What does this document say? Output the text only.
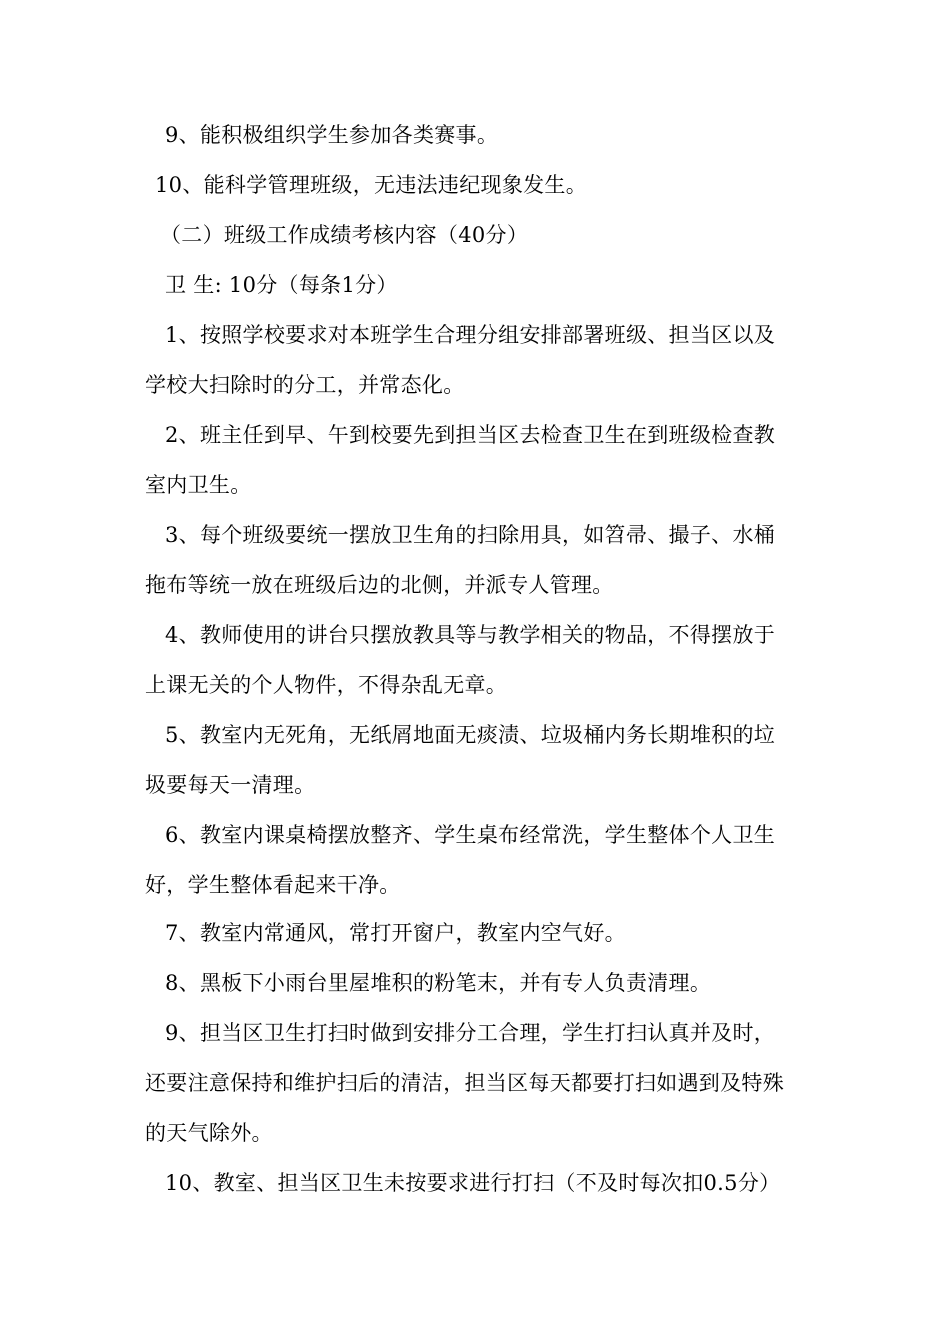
9、能积极组织学生参加各类赛事。
10、能科学管理班级，无违法违纪现象发生。
（二）班级工作成绩考核内容（40分）
卫 生: 10分（每条1分）
1、按照学校要求对本班学生合理分组安排部署班级、担当区以及
学校大扫除时的分工，并常态化。
2、班主任到早、午到校要先到担当区去检查卫生在到班级检查教
室内卫生。
3、每个班级要统一摆放卫生角的扫除用具，如笤帚、撮子、水桶
拖布等统一放在班级后边的北侧，并派专人管理。
4、教师使用的讲台只摆放教具等与教学相关的物品，不得摆放于
上课无关的个人物件，不得杂乱无章。
5、教室内无死角，无纸屑地面无痰渍、垃圾桶内务长期堆积的垃
圾要每天一清理。
6、教室内课桌椅摆放整齐、学生桌布经常洗，学生整体个人卫生
好，学生整体看起来干净。
7、教室内常通风，常打开窗户，教室内空气好。
8、黑板下小雨台里屋堆积的粉笔末，并有专人负责清理。
9、担当区卫生打扫时做到安排分工合理，学生打扫认真并及时，
还要注意保持和维护扫后的清洁，担当区每天都要打扫如遇到及特殊
的天气除外。
10、教室、担当区卫生未按要求进行打扫（不及时每次扣0.5分）
